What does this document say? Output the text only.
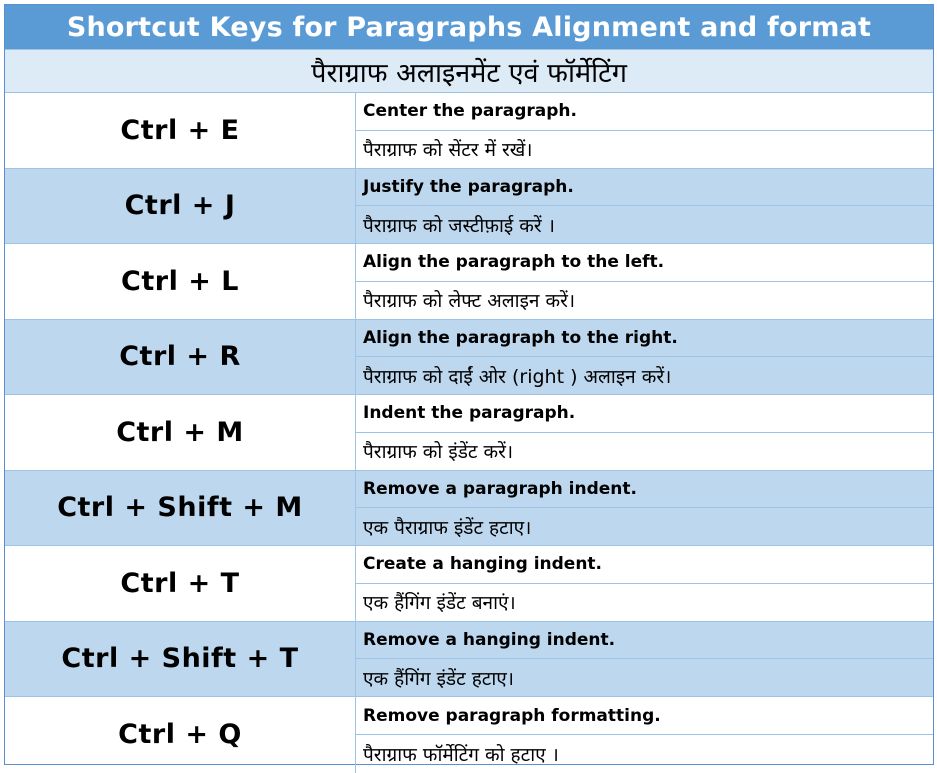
Shortcut Keys for Paragraphs Alignment and format
पैराग्राफ अलाइनमेंट एवं फॉर्मेटिंग
Ctrl + E
Center the paragraph.
पैराग्राफ को सेंटर में रखें।
Ctrl + J
Justify the paragraph.
पैराग्राफ को जस्टीफ़ाई करें ।
Ctrl + L
Align the paragraph to the left.
पैराग्राफ को लेफ्ट अलाइन करें।
Ctrl + R
Align the paragraph to the right.
पैराग्राफ को दाईं ओर (right ) अलाइन करें।
Ctrl + M
Indent the paragraph.
पैराग्राफ को इंडेंट करें।
Ctrl + Shift + M
Remove a paragraph indent.
एक पैराग्राफ इंडेंट हटाए।
Ctrl + T
Create a hanging indent.
एक हैंगिंग इंडेंट बनाएं।
Ctrl + Shift + T
Remove a hanging indent.
एक हैंगिंग इंडेंट हटाए।
Ctrl + Q
Remove paragraph formatting.
पैराग्राफ फॉर्मेटिंग को हटाए ।
